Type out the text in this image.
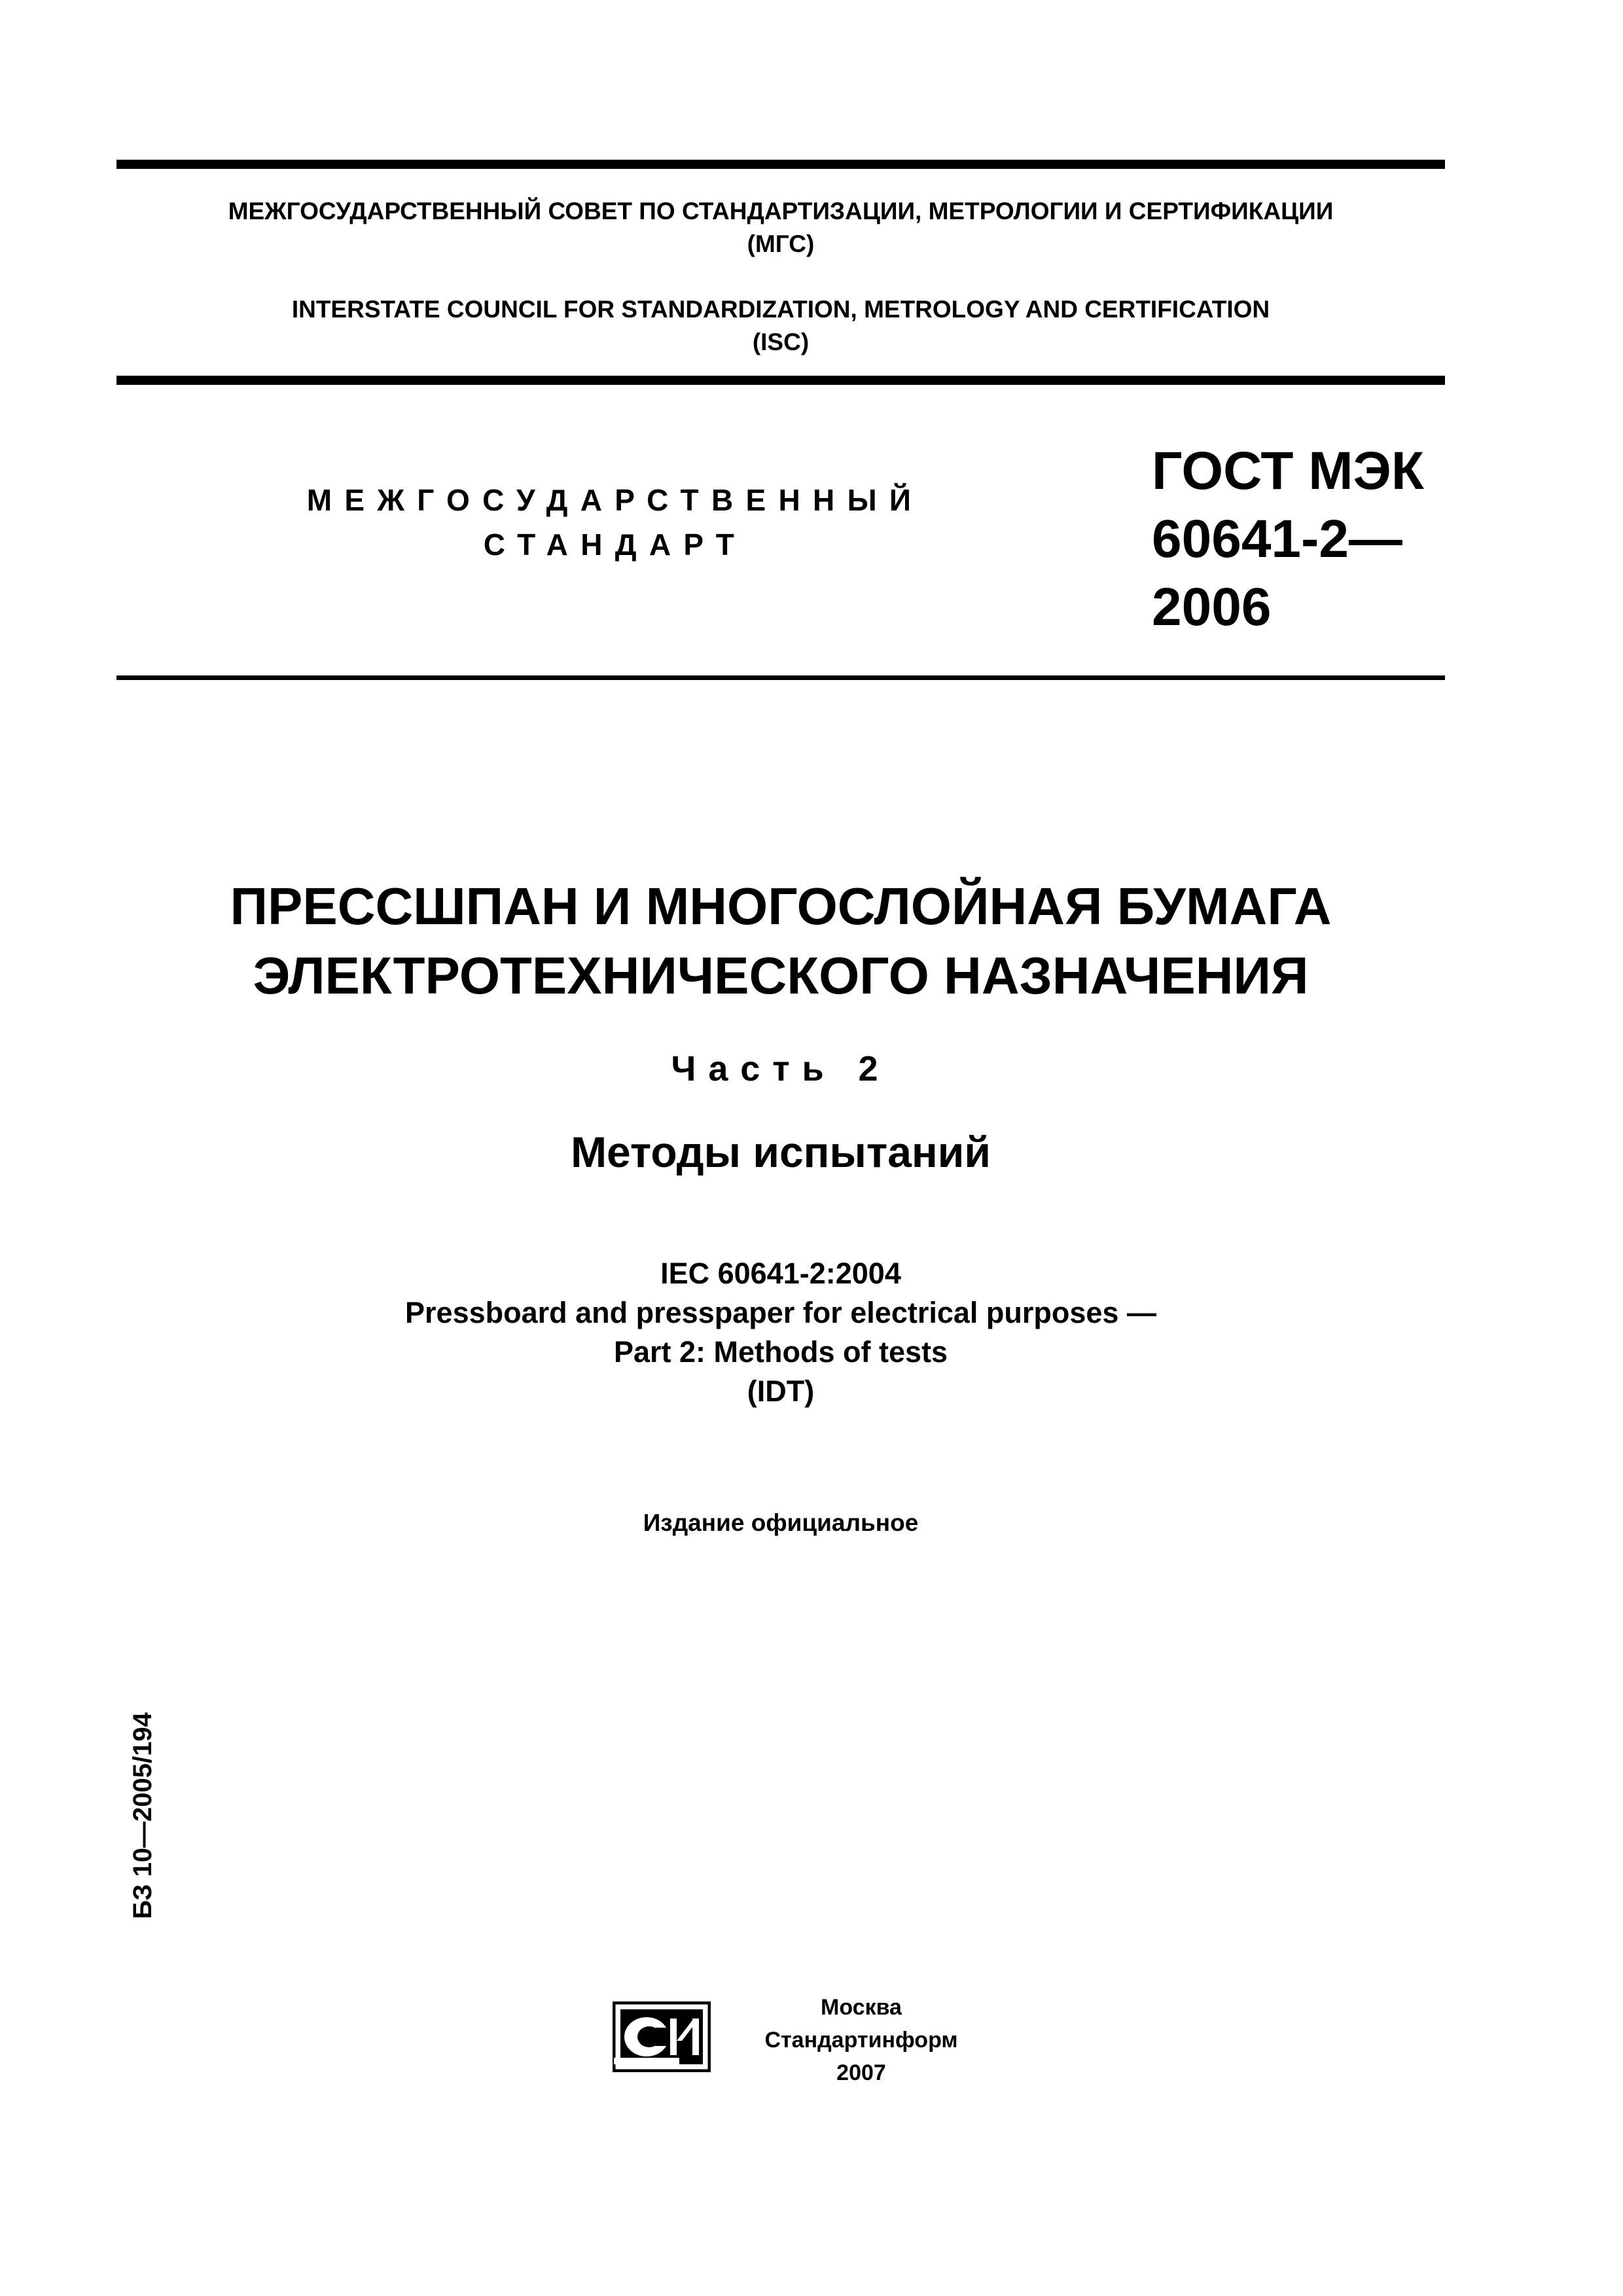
МЕЖГОСУДАРСТВЕННЫЙ СОВЕТ ПО СТАНДАРТИЗАЦИИ, МЕТРОЛОГИИ И СЕРТИФИКАЦИИ
(МГС)
INTERSTATE COUNCIL FOR STANDARDIZATION, METROLOGY AND CERTIFICATION
(ISC)
МЕЖГОСУДАРСТВЕННЫЙ
СТАНДАРТ
ГОСТ МЭК
60641-2—
2006
ПРЕССШПАН И МНОГОСЛОЙНАЯ БУМАГА
ЭЛЕКТРОТЕХНИЧЕСКОГО НАЗНАЧЕНИЯ
Часть 2
Методы испытаний
IEC 60641-2:2004
Pressboard and presspaper for electrical purposes —
Part 2: Methods of tests
(IDT)
Издание официальное
БЗ 10—2005/194
Москва
Стандартинформ
2007
